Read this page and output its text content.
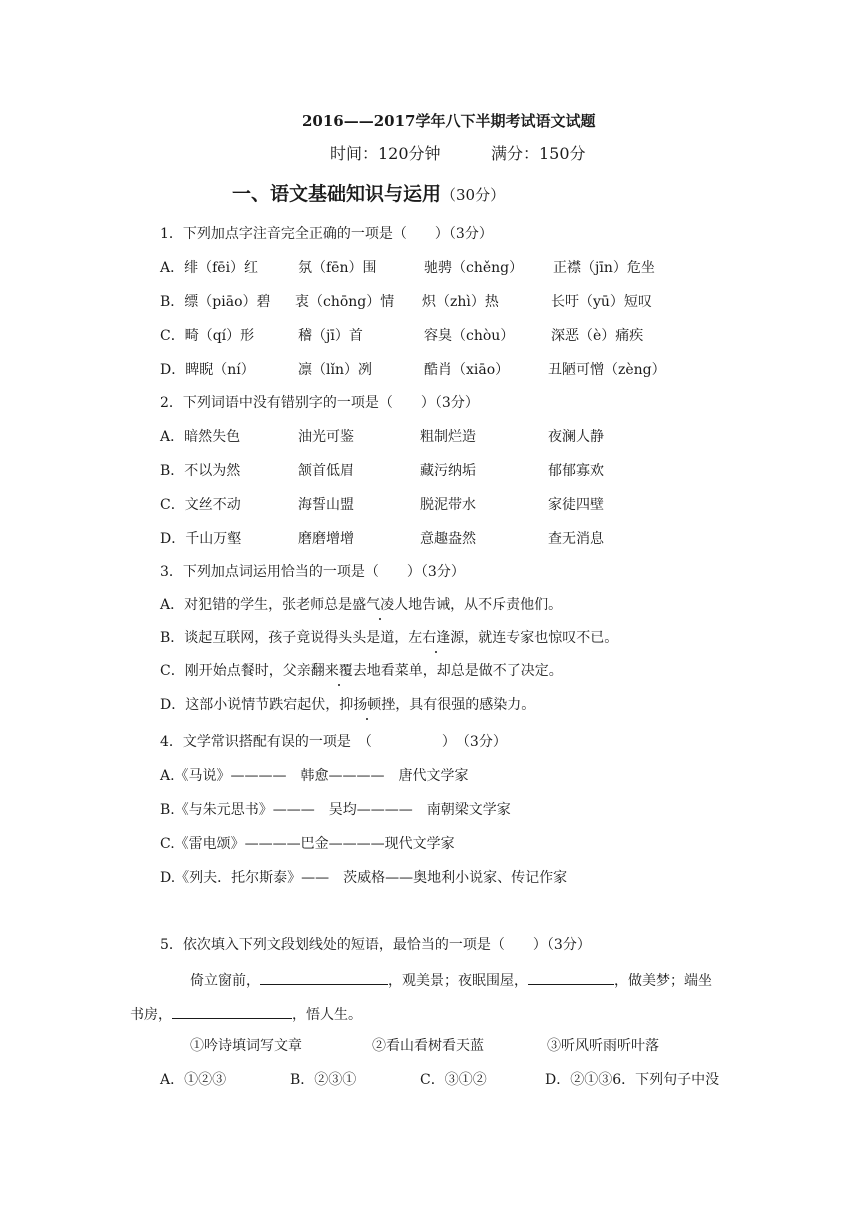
2016——2017学年八下半期考试语文试题
时间：120分钟	满分：150分
一、语文基础知识与运用（30分）
1．下列加点字注音完全正确的一项是（　　）（3分）
A．绯（fēi）红	氛（fēn）围	驰骋（chěng） 正襟（jīn）危坐
B．缥（piāo）碧 衷（chōng）情 炽（zhì）热	长吁（yū）短叹
C．畸（qí）形	稽（jī）首	容臭（chòu）	深恶（è）痛疾
D．睥睨（ní）	凛（lǐn）冽	酷肖（xiāo）	丑陋可憎（zèng）
2．下列词语中没有错别字的一项是（　　）（3分）
A．暗然失色	油光可鉴	粗制烂造	夜澜人静
B．不以为然	颔首低眉	藏污纳垢	郁郁寡欢
C．文丝不动	海誓山盟	脱泥带水	家徒四壁
D．千山万壑	磨磨增增	意趣盎然	查无消息
3．下列加点词运用恰当的一项是（　　）（3分）
A．对犯错的学生，张老师总是盛气凌人地告诫，从不斥责他们。
B．谈起互联网，孩子竟说得头头是道，左右逢源，就连专家也惊叹不已。
C．刚开始点餐时，父亲翻来覆去地看菜单，却总是做不了决定。
D．这部小说情节跌宕起伏，抑扬顿挫，具有很强的感染力。
4．文学常识搭配有误的一项是　（　　　　　）　（3分）
A.《马说》————　韩愈————　唐代文学家
B.《与朱元思书》———　吴均————　南朝梁文学家
C.《雷电颂》————巴金————现代文学家
D.《列夫．托尔斯泰》——　茨威格——奥地利小说家、传记作家
5．依次填入下列文段划线处的短语，最恰当的一项是（　　）（3分）
倚立窗前，	，观美景；夜眠围屋，	，做美梦；端坐
书房，	，悟人生。
①吟诗填词写文章	②看山看树看天蓝	③听风听雨听叶落
A．①②③	B．②③①	C．③①②	D．②①③6．下列句子中没
